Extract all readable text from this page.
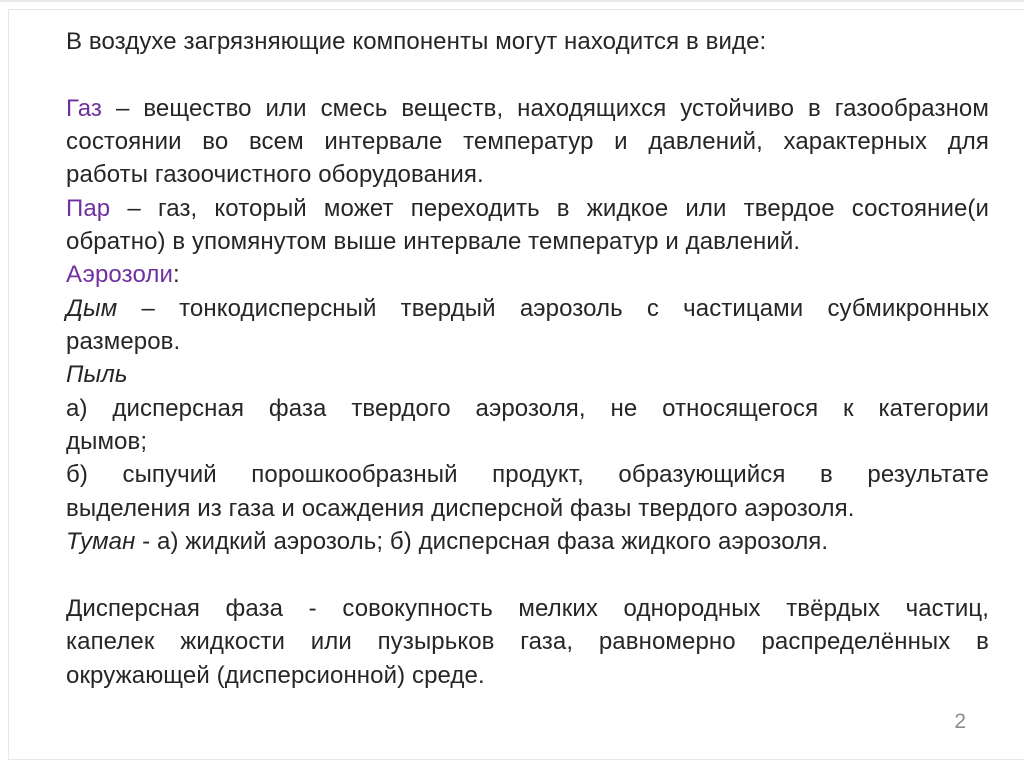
В воздухе загрязняющие компоненты могут находится в виде:

Газ – вещество или смесь веществ, находящихся устойчиво в газообразном
состоянии во всем интервале температур и давлений, характерных для
работы газоочистного оборудования.
Пар – газ, который может переходить в жидкое или твердое состояние(и
обратно) в упомянутом выше интервале температур и давлений.
Аэрозоли:
Дым – тонкодисперсный твердый аэрозоль с частицами субмикронных
размеров.
Пыль
а) дисперсная фаза твердого аэрозоля, не относящегося к категории
дымов;
б) сыпучий порошкообразный продукт, образующийся в результате
выделения из газа и осаждения дисперсной фазы твердого аэрозоля.
Туман - а) жидкий аэрозоль; б) дисперсная фаза жидкого аэрозоля.

Дисперсная фаза - совокупность мелких однородных твёрдых частиц,
капелек жидкости или пузырьков газа, равномерно распределённых в
окружающей (дисперсионной) среде.
2
